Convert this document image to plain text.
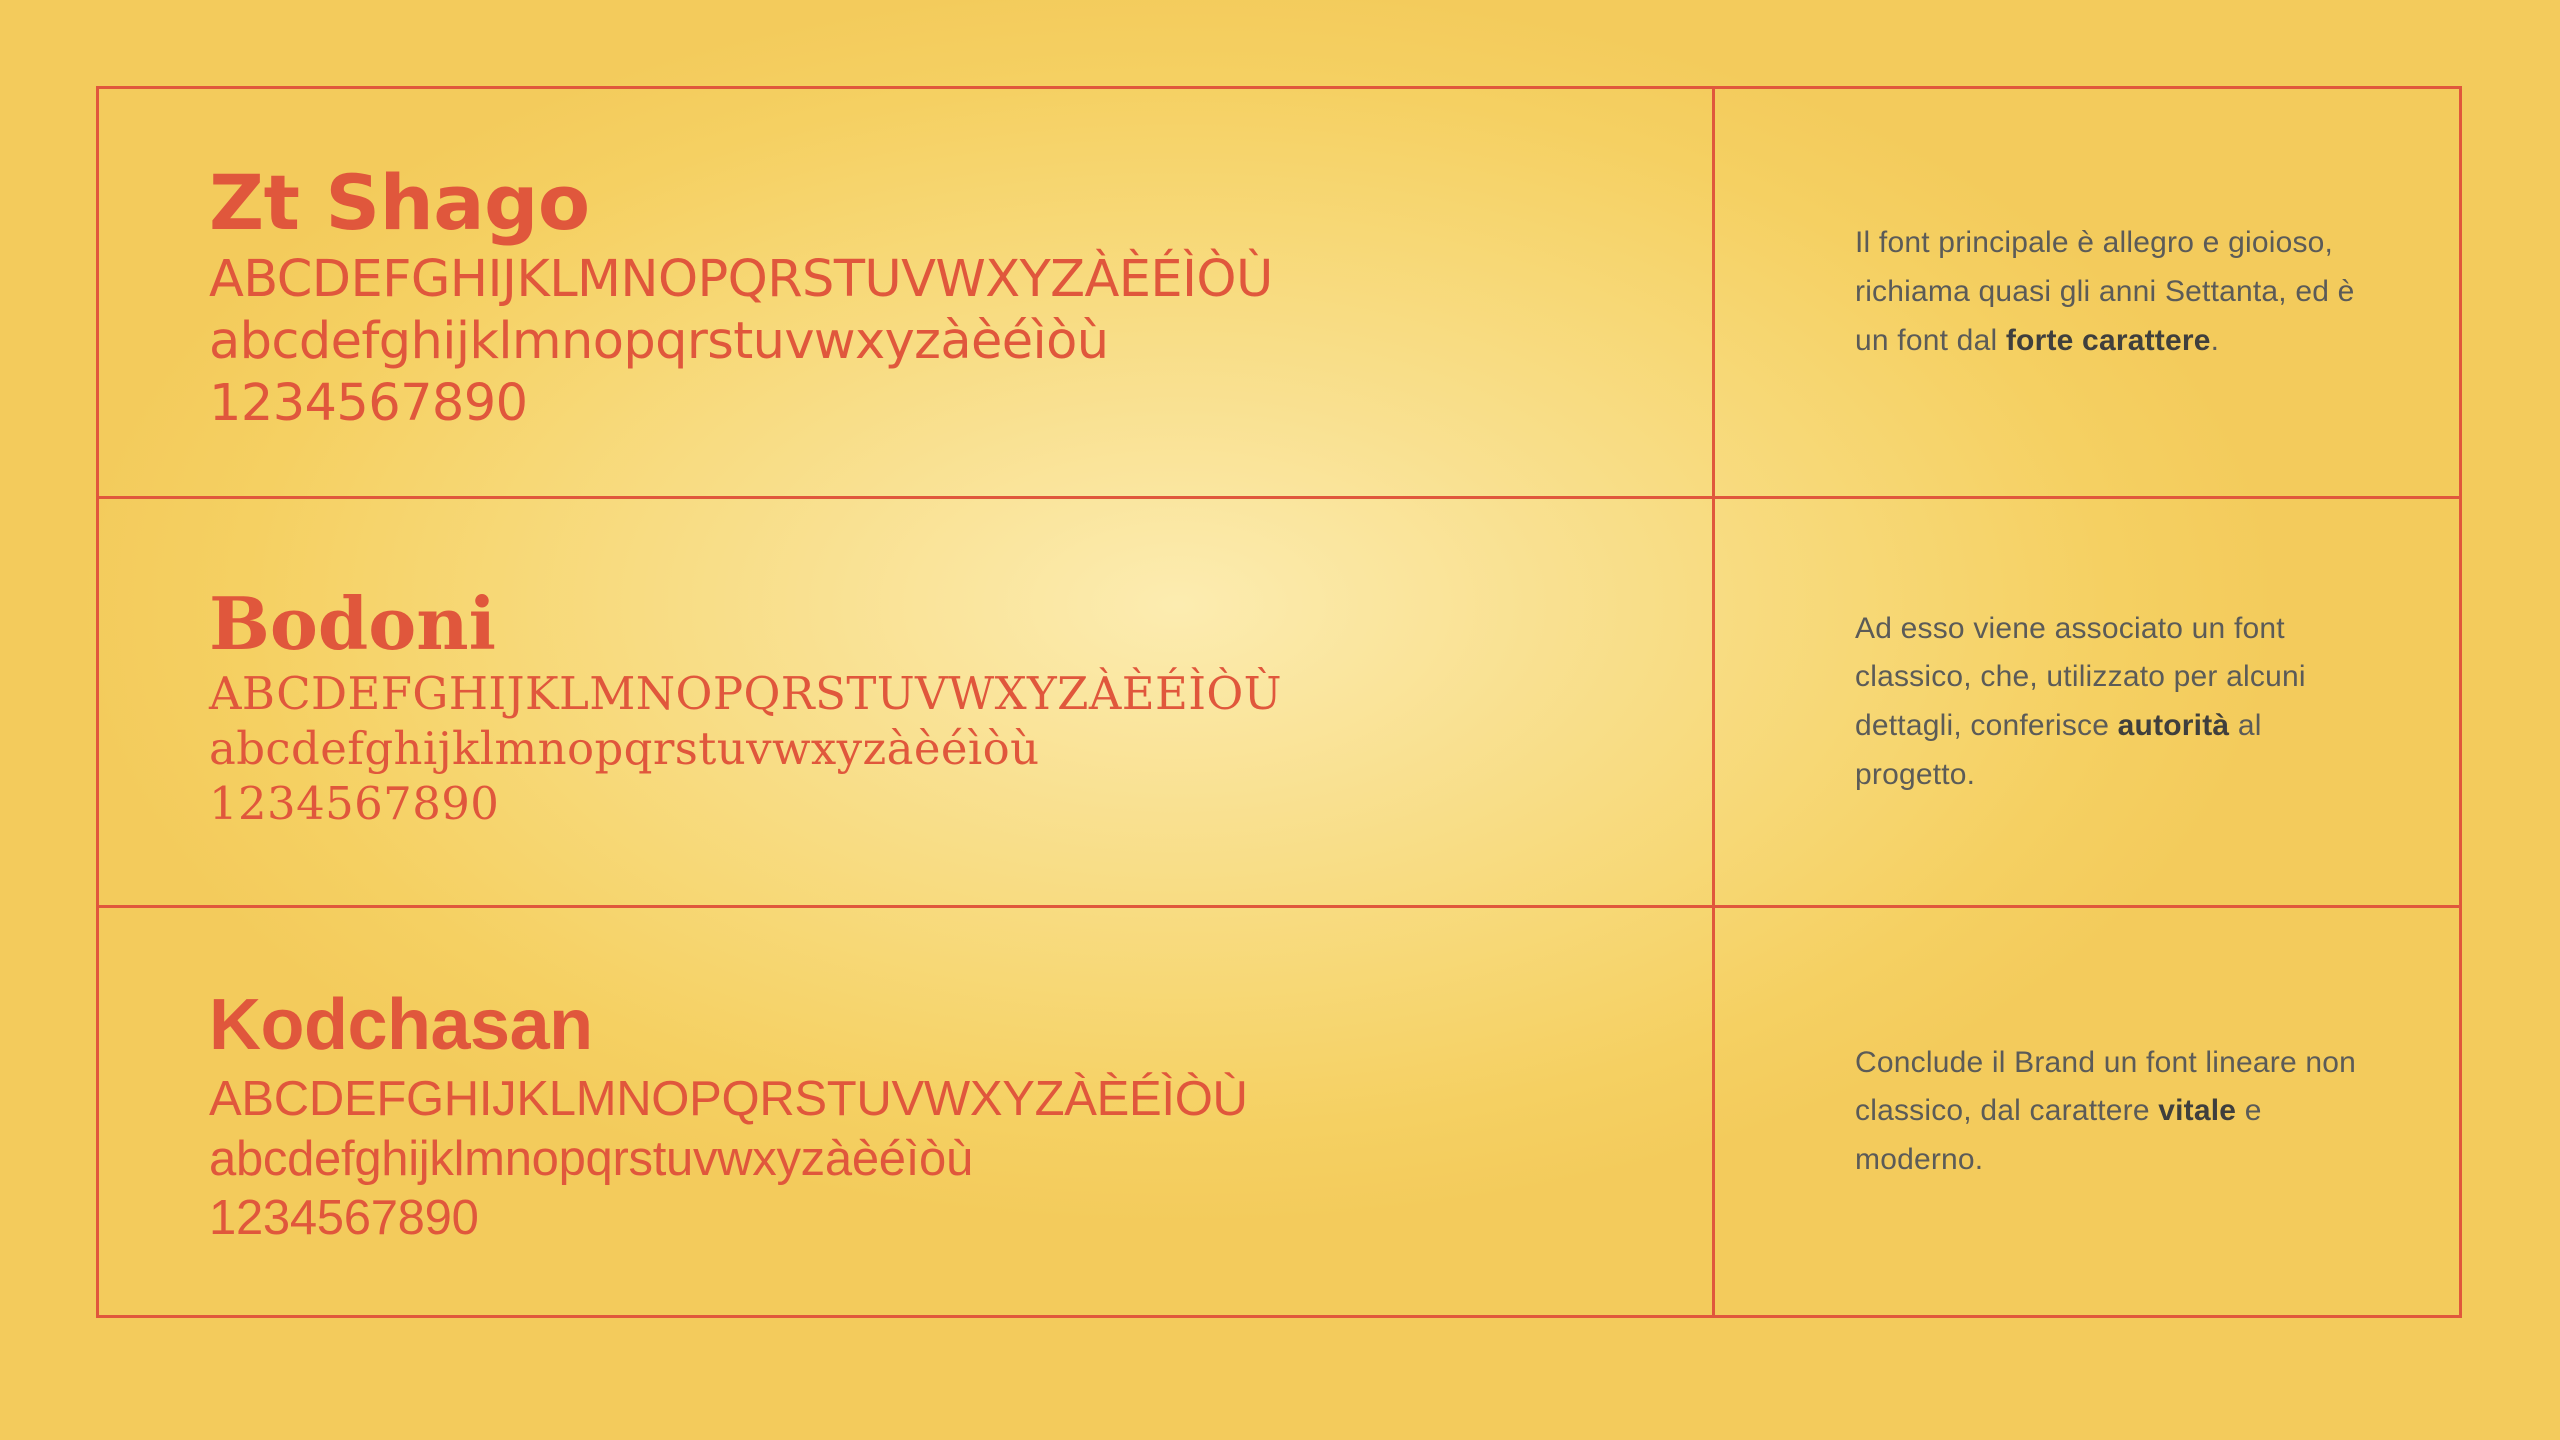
Zt Shago
ABCDEFGHIJKLMNOPQRSTUVWXYZÀÈÉÌÒÙ
abcdefghijklmnopqrstuvwxyzàèéìòù
1234567890

Il font principale è allegro e gioioso, richiama quasi gli anni Settanta, ed è un font dal forte carattere.

Bodoni
ABCDEFGHIJKLMNOPQRSTUVWXYZÀÈÉÌÒÙ
abcdefghijklmnopqrstuvwxyzàèéìòù
1234567890

Ad esso viene associato un font classico, che, utilizzato per alcuni dettagli, conferisce autorità al progetto.

Kodchasan
ABCDEFGHIJKLMNOPQRSTUVWXYZÀÈÉÌÒÙ
abcdefghijklmnopqrstuvwxyzàèéìòù
1234567890

Conclude il Brand un font lineare non classico, dal carattere vitale e moderno.
